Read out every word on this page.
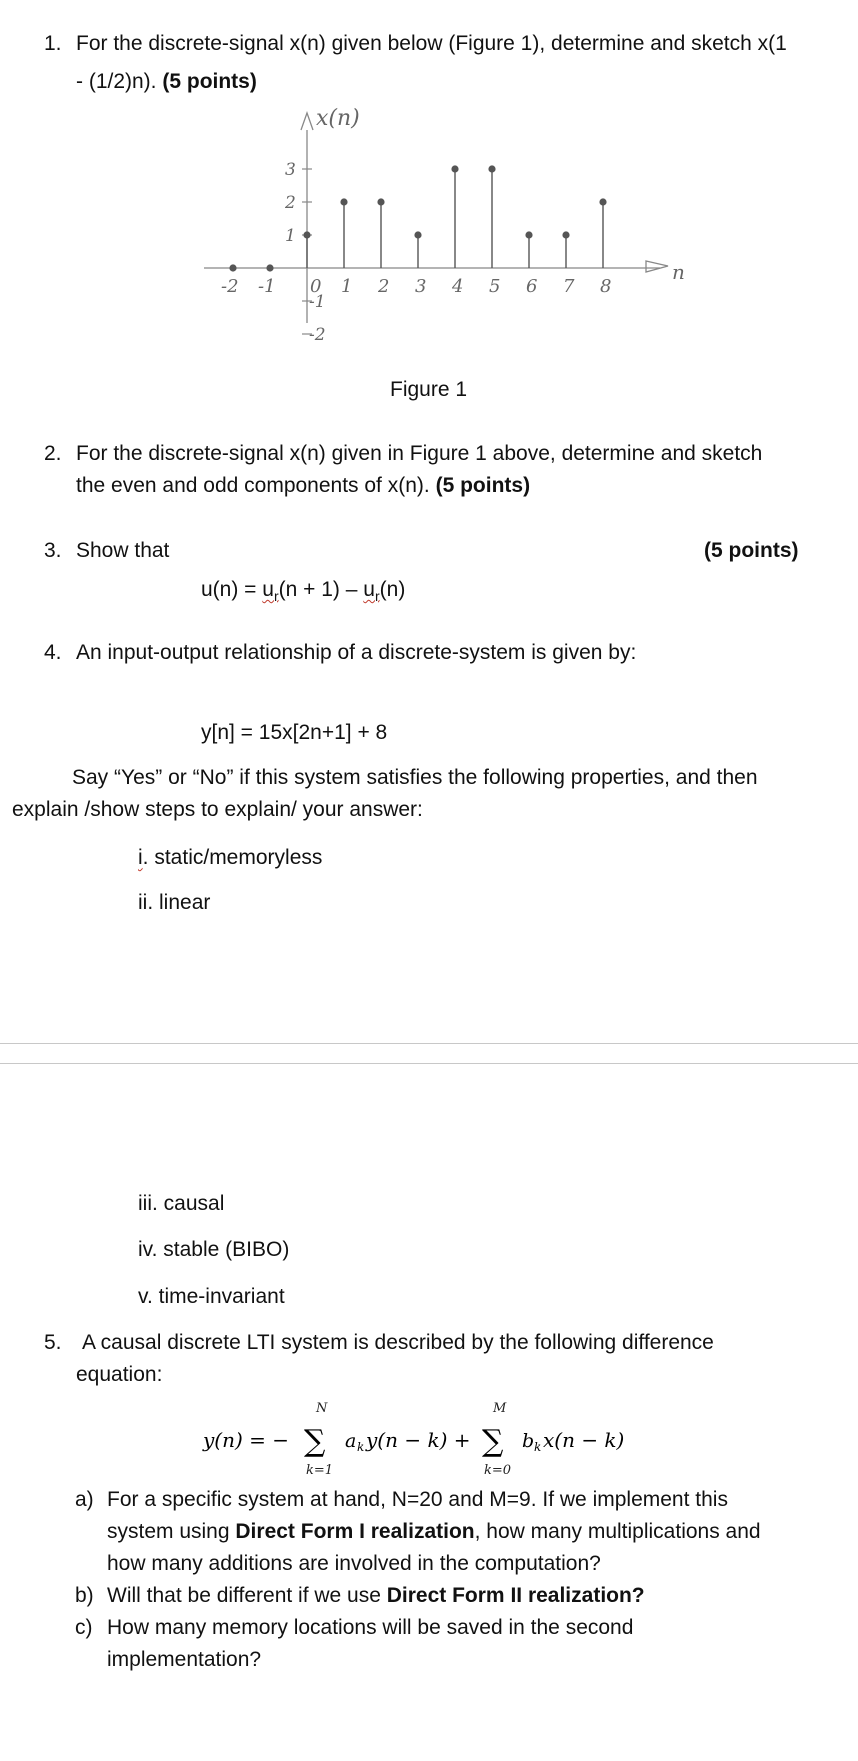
1. For the discrete-signal x(n) given below (Figure 1), determine and sketch x(1
- (1/2)n). (5 points)
x(n)
n
3
2
1
-1
-2
-2 -1 0 1 2 3 4 5 6 7 8
Figure 1
2. For the discrete-signal x(n) given in Figure 1 above, determine and sketch
the even and odd components of x(n). (5 points)
3. Show that	(5 points)
$u(n) = u_r(n + 1) - u_r(n)$
4. An input-output relationship of a discrete-system is given by:
y[n] = 15x[2n+1] + 8
Say “Yes” or “No” if this system satisfies the following properties, and then
explain /show steps to explain/ your answer:
i. static/memoryless
ii. linear
iii. causal
iv. stable (BIBO)
v. time-invariant
5. A causal discrete LTI system is described by the following difference
equation:
y(n) = −
N
∑
k=1
a k y(n − k) +
M
∑
k=0
b k x(n − k)
a) For a specific system at hand, N=20 and M=9. If we implement this
system using Direct Form I realization, how many multiplications and
how many additions are involved in the computation?
b) Will that be different if we use Direct Form II realization?
c) How many memory locations will be saved in the second
implementation?
